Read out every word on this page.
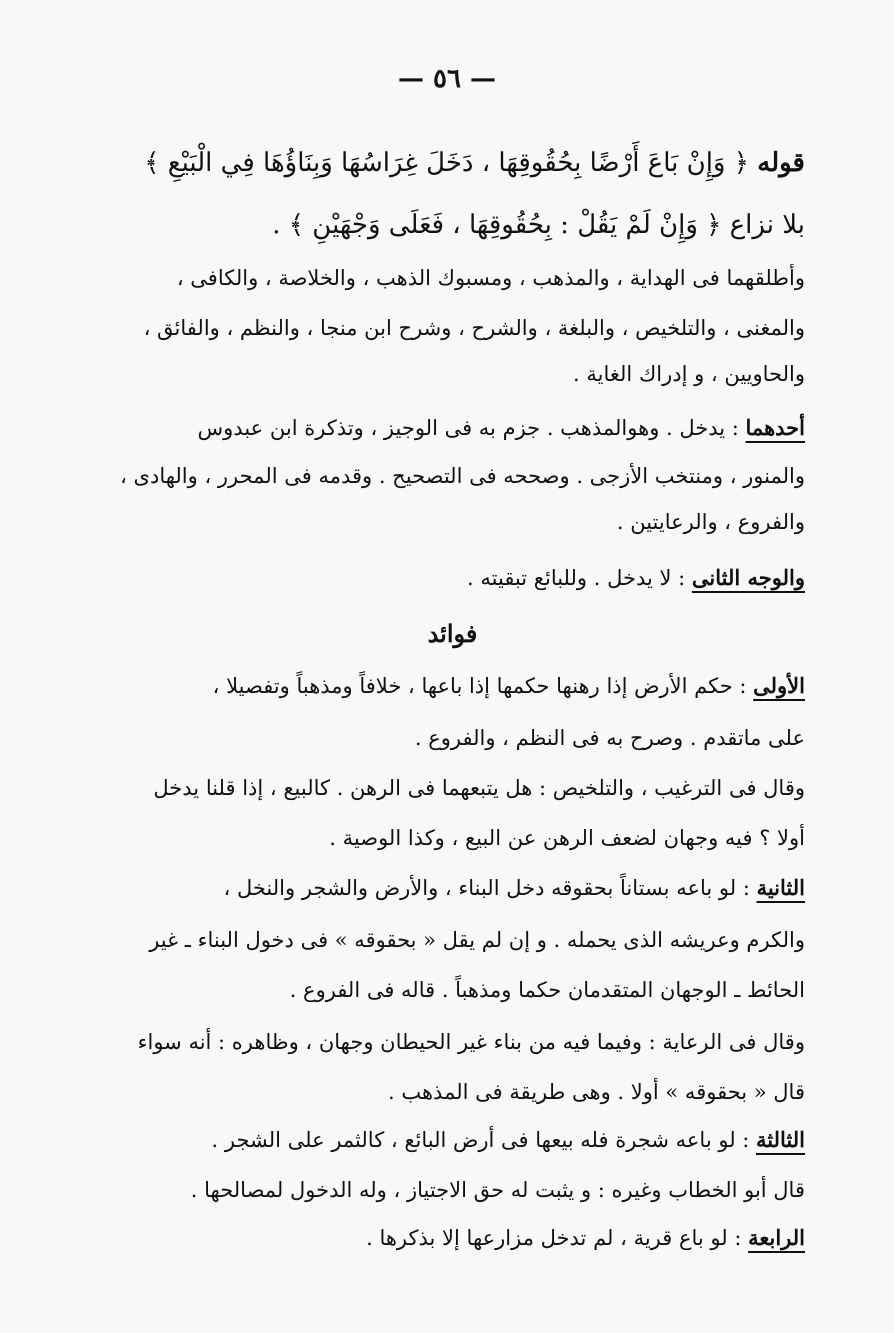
— ٥٦ —
قوله ﴿ وَإِنْ بَاعَ أَرْضًا بِحُقُوقِهَا ، دَخَلَ غِرَاسُهَا وَبِنَاؤُهَا فِي الْبَيْعِ ﴾
بلا نزاع ﴿ وَإِنْ لَمْ يَقُلْ : بِحُقُوقِهَا ، فَعَلَى وَجْهَيْنِ ﴾ .
وأطلقهما فى الهداية ، والمذهب ، ومسبوك الذهب ، والخلاصة ، والكافى ،
والمغنى ، والتلخيص ، والبلغة ، والشرح ، وشرح ابن منجا ، والنظم ، والفائق ،
والحاويين ، و إدراك الغاية .
أحدهما : يدخل . وهوالمذهب . جزم به فى الوجيز ، وتذكرة ابن عبدوس
والمنور ، ومنتخب الأزجى . وصححه فى التصحيح . وقدمه فى المحرر ، والهادى ،
والفروع ، والرعايتين .
والوجه الثانى : لا يدخل . وللبائع تبقيته .
فوائد
الأولى : حكم الأرض إذا رهنها حكمها إذا باعها ، خلافاً ومذهباً وتفصيلا ،
على ماتقدم . وصرح به فى النظم ، والفروع .
وقال فى الترغيب ، والتلخيص : هل يتبعهما فى الرهن . كالبيع ، إذا قلنا يدخل
أولا ؟ فيه وجهان لضعف الرهن عن البيع ، وكذا الوصية .
الثانية : لو باعه بستاناً بحقوقه دخل البناء ، والأرض والشجر والنخل ،
والكرم وعريشه الذى يحمله . و إن لم يقل « بحقوقه » فى دخول البناء ـ غير
الحائط ـ الوجهان المتقدمان حكما ومذهباً . قاله فى الفروع .
وقال فى الرعاية : وفيما فيه من بناء غير الحيطان وجهان ، وظاهره : أنه سواء
قال « بحقوقه » أولا . وهى طريقة فى المذهب .
الثالثة : لو باعه شجرة فله بيعها فى أرض البائع ، كالثمر على الشجر .
قال أبو الخطاب وغيره : و يثبت له حق الاجتياز ، وله الدخول لمصالحها .
الرابعة : لو باع قرية ، لم تدخل مزارعها إلا بذكرها .
